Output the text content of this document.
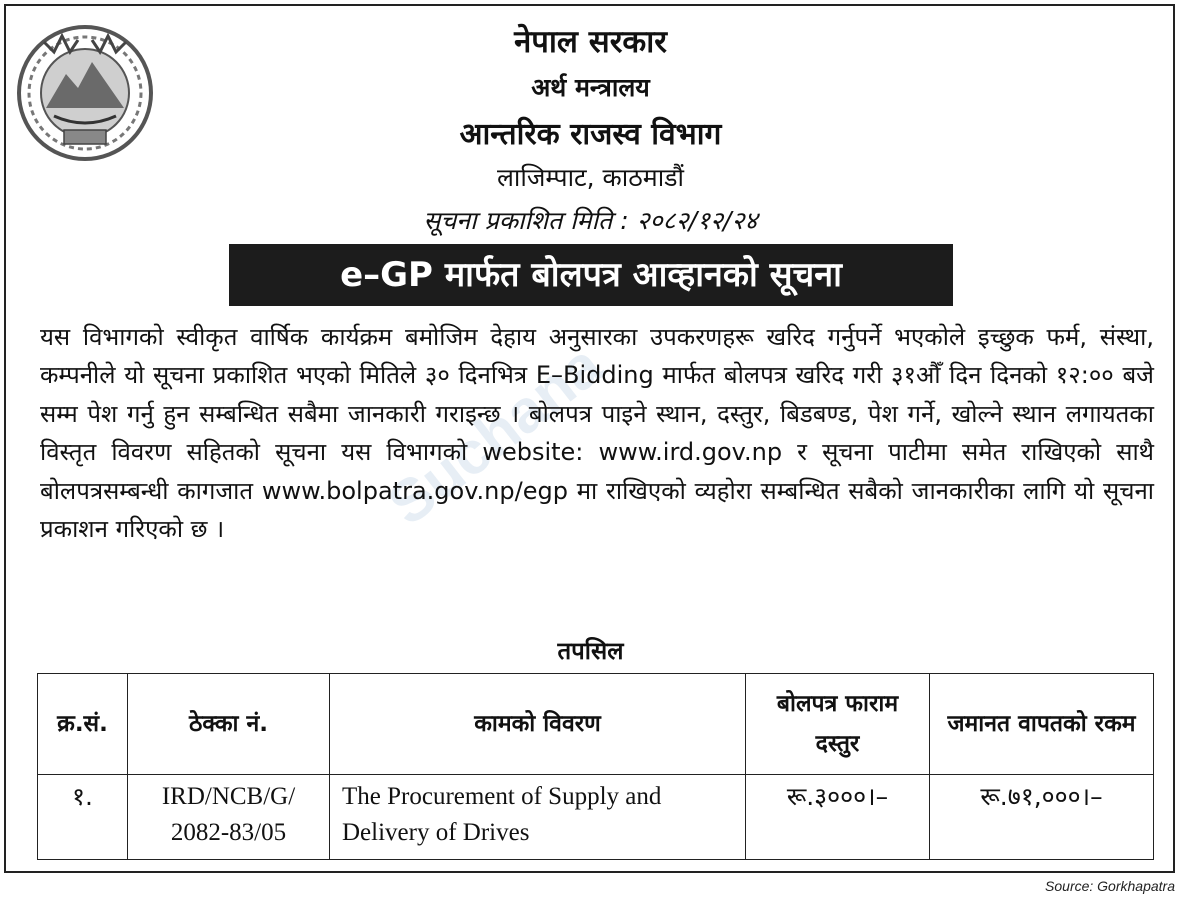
नेपाल सरकार
अर्थ मन्त्रालय
आन्तरिक राजस्व विभाग
लाजिम्पाट, काठमाडौं
सूचना प्रकाशित मिति : २०८२/१२/२४
e–GP मार्फत बोलपत्र आव्हानको सूचना
Suchana

यस विभागको स्वीकृत वार्षिक कार्यक्रम बमोजिम देहाय अनुसारका उपकरणहरू खरिद गर्नुपर्ने भएकोले इच्छुक फर्म, संस्था, कम्पनीले यो सूचना प्रकाशित भएको मितिले ३० दिनभित्र E–Bidding मार्फत बोलपत्र खरिद गरी ३१औँ दिन दिनको १२:०० बजे सम्म पेश गर्नु हुन सम्बन्धित सबैमा जानकारी गराइन्छ । बोलपत्र पाइने स्थान, दस्तुर, बिडबण्ड, पेश गर्ने, खोल्ने स्थान लगायतका विस्तृत विवरण सहितको सूचना यस विभागको website: www.ird.gov.np र सूचना पाटीमा समेत राखिएको साथै बोलपत्रसम्बन्धी कागजात www.bolpatra.gov.np/egp मा राखिएको व्यहोरा सम्बन्धित सबैको जानकारीका लागि यो सूचना प्रकाशन गरिएको छ ।

तपसिल
क्र.सं.	ठेक्का नं.	कामको विवरण	बोलपत्र फाराम दस्तुर	जमानत वापतको रकम
१.	IRD/NCB/G/ 2082-83/05	The Procurement of Supply and Delivery of Drives	रू.३०००।–	रू.७१,०००।–
Source: Gorkhapatra
